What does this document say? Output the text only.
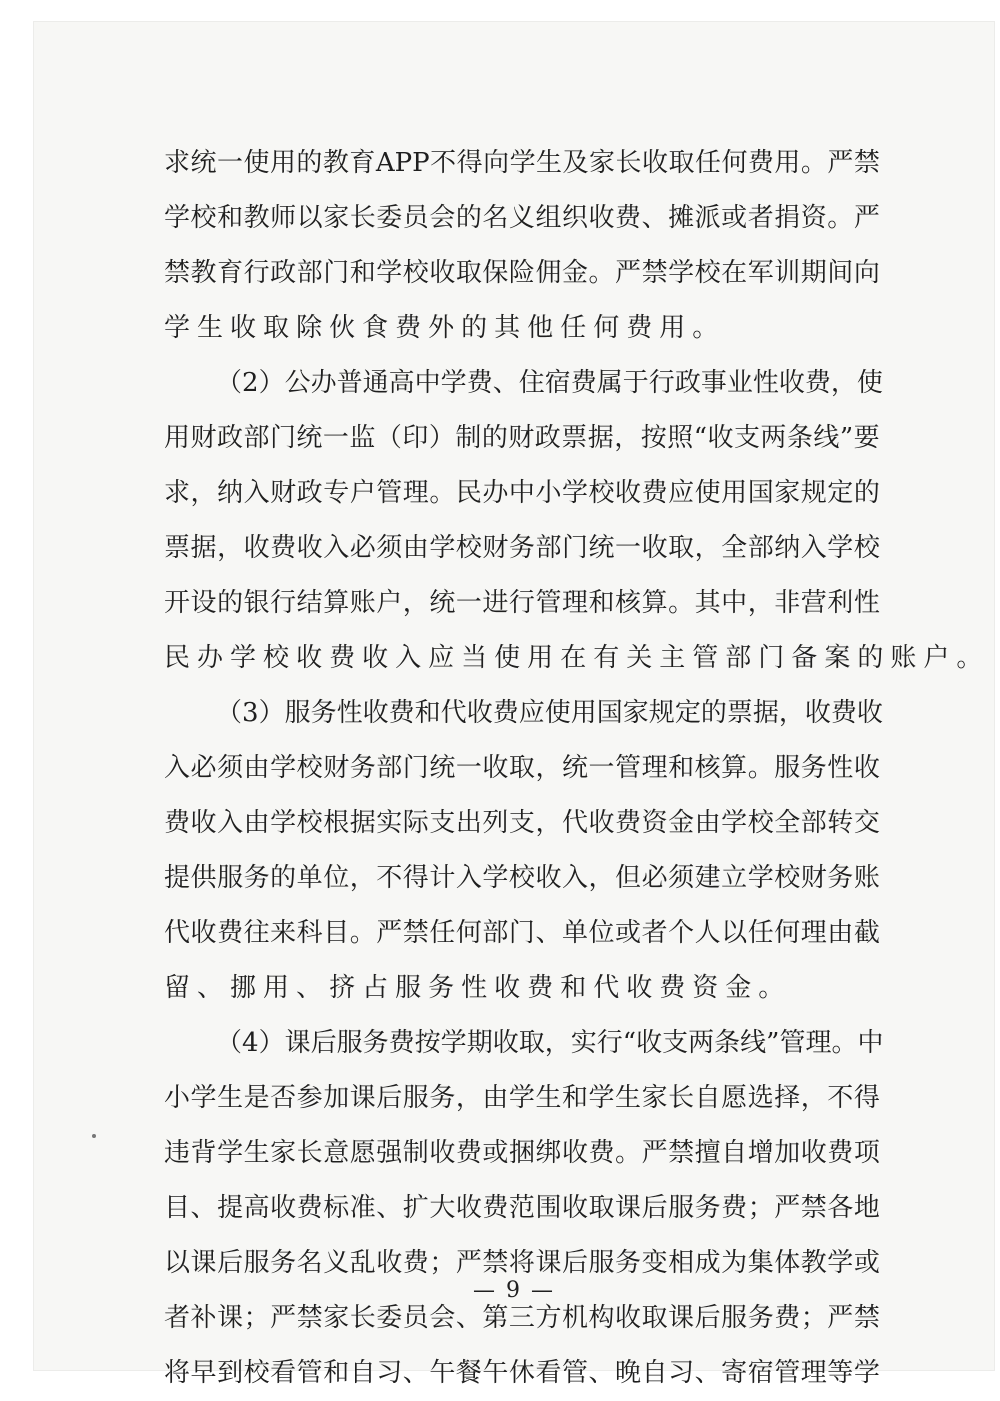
求 统 一 使 用 的 教 育 APP 不 得 向 学 生 及 家 长 收 取 任 何 费 用 。 严 禁
学 校 和 教 师 以 家 长 委 员 会 的 名 义 组 织 收 费 、 摊 派 或 者 捐 资 。 严
禁 教 育 行 政 部 门 和 学 校 收 取 保 险 佣 金 。 严 禁 学 校 在 军 训 期 间 向
学 生 收 取 除 伙 食 费 外 的 其 他 任 何 费 用 。
（ 2 ） 公 办 普 通 高 中 学 费 、 住 宿 费 属 于 行 政 事 业 性 收 费 ， 使
用 财 政 部 门 统 一 监 （ 印 ） 制 的 财 政 票 据 ， 按 照 “ 收 支 两 条 线 ” 要
求 ， 纳 入 财 政 专 户 管 理 。 民 办 中 小 学 校 收 费 应 使 用 国 家 规 定 的
票 据 ， 收 费 收 入 必 须 由 学 校 财 务 部 门 统 一 收 取 ， 全 部 纳 入 学 校
开 设 的 银 行 结 算 账 户 ， 统 一 进 行 管 理 和 核 算 。 其 中 ， 非 营 利 性
民 办 学 校 收 费 收 入 应 当 使 用 在 有 关 主 管 部 门 备 案 的 账 户 。
（ 3 ） 服 务 性 收 费 和 代 收 费 应 使 用 国 家 规 定 的 票 据 ， 收 费 收
入 必 须 由 学 校 财 务 部 门 统 一 收 取 ， 统 一 管 理 和 核 算 。 服 务 性 收
费 收 入 由 学 校 根 据 实 际 支 出 列 支 ， 代 收 费 资 金 由 学 校 全 部 转 交
提 供 服 务 的 单 位 ， 不 得 计 入 学 校 收 入 ， 但 必 须 建 立 学 校 财 务 账
代 收 费 往 来 科 目 。 严 禁 任 何 部 门 、 单 位 或 者 个 人 以 任 何 理 由 截
留 、 挪 用 、 挤 占 服 务 性 收 费 和 代 收 费 资 金 。
（ 4 ） 课 后 服 务 费 按 学 期 收 取 ， 实 行 “ 收 支 两 条 线 ” 管 理 。 中
小 学 生 是 否 参 加 课 后 服 务 ， 由 学 生 和 学 生 家 长 自 愿 选 择 ， 不 得
违 背 学 生 家 长 意 愿 强 制 收 费 或 捆 绑 收 费 。 严 禁 擅 自 增 加 收 费 项
目 、 提 高 收 费 标 准 、 扩 大 收 费 范 围 收 取 课 后 服 务 费 ； 严 禁 各 地
以 课 后 服 务 名 义 乱 收 费 ； 严 禁 将 课 后 服 务 变 相 成 为 集 体 教 学 或
者 补 课 ； 严 禁 家 长 委 员 会 、 第 三 方 机 构 收 取 课 后 服 务 费 ； 严 禁
将 早 到 校 看 管 和 自 习 、 午 餐 午 休 看 管 、 晚 自 习 、 寄 宿 管 理 等 学
— 9 —
